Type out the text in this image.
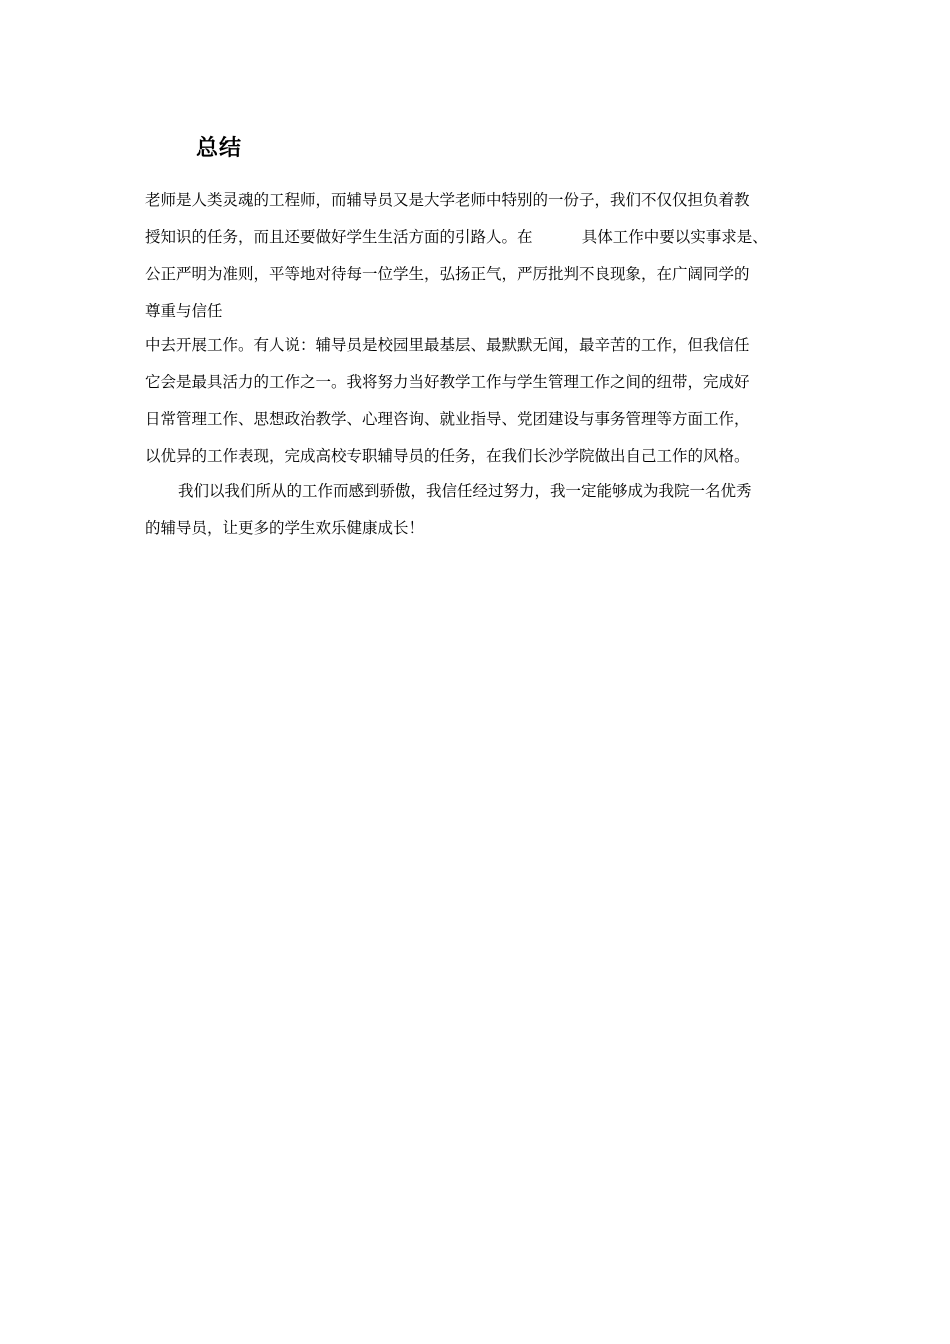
总结

老师是人类灵魂的工程师，而辅导员又是大学老师中特别的一份子，我们不仅仅担负着教

授知识的任务，而且还要做好学生生活方面的引路人。在          具体工作中要以实事求是、

公正严明为准则，平等地对待每一位学生，弘扬正气，严厉批判不良现象，在广阔同学的

尊重与信任

中去开展工作。有人说：辅导员是校园里最基层、最默默无闻，最辛苦的工作，但我信任

它会是最具活力的工作之一。我将努力当好教学工作与学生管理工作之间的纽带，完成好

日常管理工作、思想政治教学、心理咨询、就业指导、党团建设与事务管理等方面工作，

以优异的工作表现，完成高校专职辅导员的任务，在我们长沙学院做出自己工作的风格。

我们以我们所从的工作而感到骄傲，我信任经过努力，我一定能够成为我院一名优秀

的辅导员，让更多的学生欢乐健康成长！
